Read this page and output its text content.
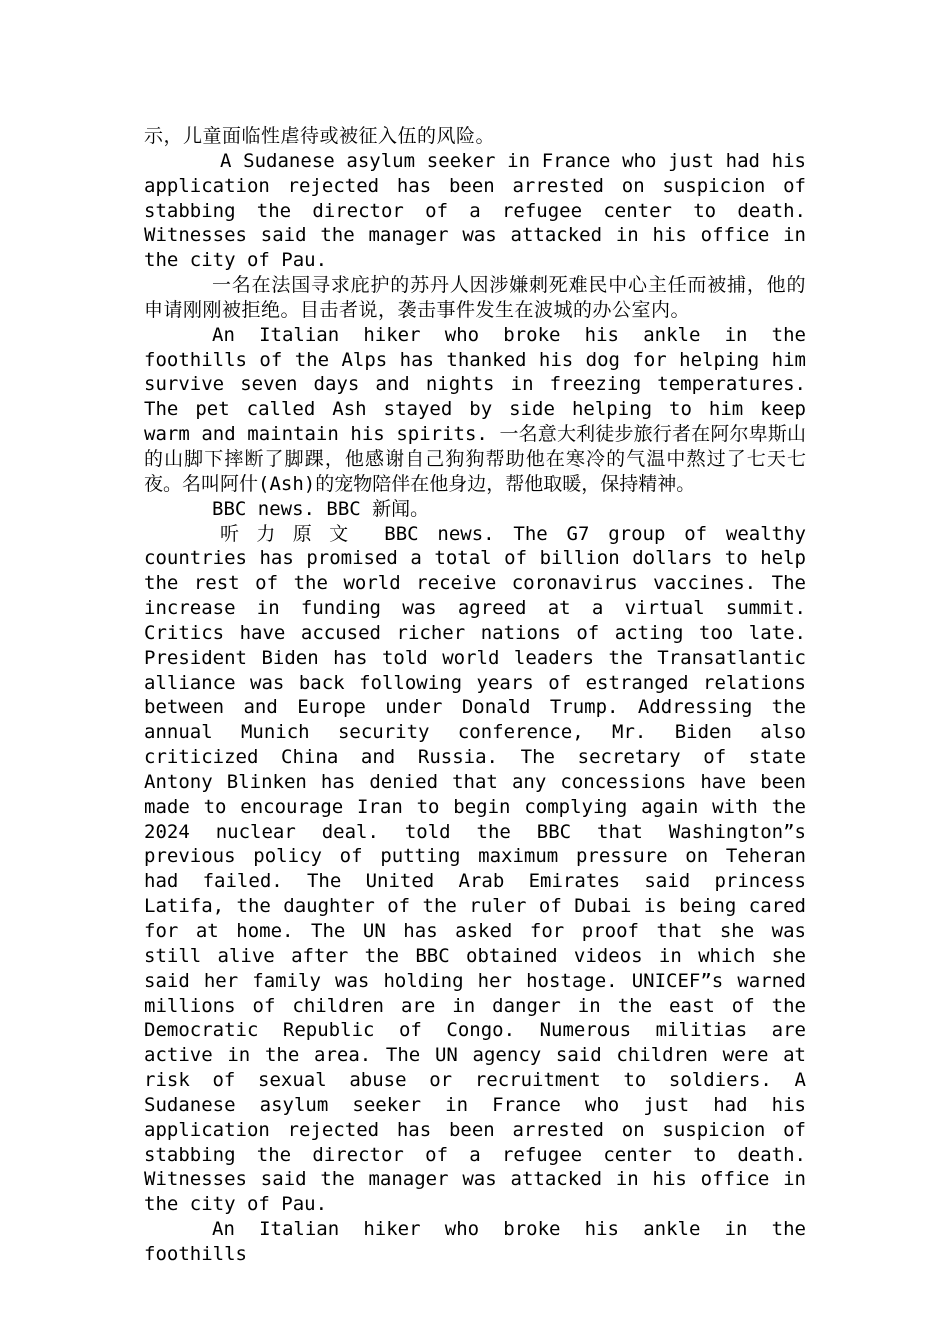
示，儿童面临性虐待或被征入伍的风险。

A Sudanese asylum seeker in France who just had his application rejected has been arrested on suspicion of stabbing the director of a refugee center to death. Witnesses said the manager was attacked in his office in the city of Pau.

一名在法国寻求庇护的苏丹人因涉嫌刺死难民中心主任而被捕，他的申请刚刚被拒绝。目击者说，袭击事件发生在波城的办公室内。

An Italian hiker who broke his ankle in the foothills of the Alps has thanked his dog for helping him survive seven days and nights in freezing temperatures. The pet called Ash stayed by side helping to him keep warm and maintain his spirits. 一名意大利徒步旅行者在阿尔卑斯山的山脚下摔断了脚踝，他感谢自己狗狗帮助他在寒冷的气温中熬过了七天七夜。名叫阿什(Ash)的宠物陪伴在他身边，帮他取暖，保持精神。

BBC news. BBC 新闻。

听力原文 BBC news. The G7 group of wealthy countries has promised a total of billion dollars to help the rest of the world receive coronavirus vaccines. The increase in funding was agreed at a virtual summit. Critics have accused richer nations of acting too late. President Biden has told world leaders the Transatlantic alliance was back following years of estranged relations between and Europe under Donald Trump. Addressing the annual Munich security conference, Mr. Biden also criticized China and Russia. The secretary of state Antony Blinken has denied that any concessions have been made to encourage Iran to begin complying again with the 2024 nuclear deal. told the BBC that Washington”s previous policy of putting maximum pressure on Teheran had failed. The United Arab Emirates said princess Latifa, the daughter of the ruler of Dubai is being cared for at home. The UN has asked for proof that she was still alive after the BBC obtained videos in which she said her family was holding her hostage. UNICEF”s warned millions of children are in danger in the east of the Democratic Republic of Congo. Numerous militias are active in the area. The UN agency said children were at risk of sexual abuse or recruitment to soldiers. A Sudanese asylum seeker in France who just had his application rejected has been arrested on suspicion of stabbing the director of a refugee center to death. Witnesses said the manager was attacked in his office in the city of Pau.

An Italian hiker who broke his ankle in the foothills
